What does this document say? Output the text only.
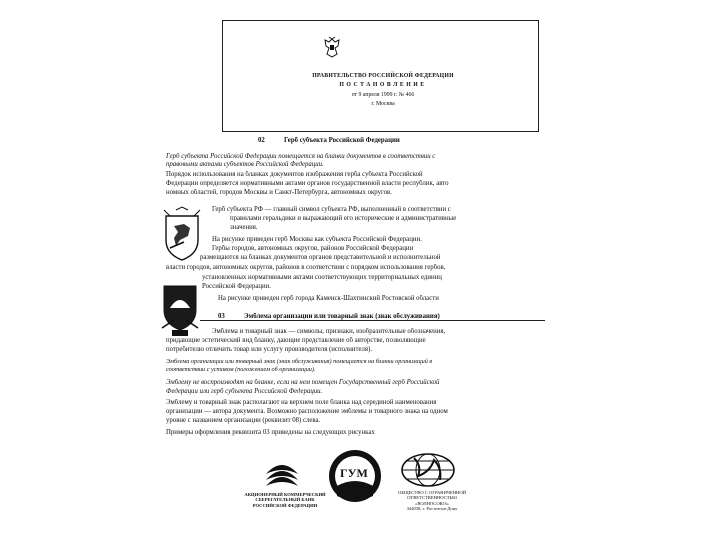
ПРАВИТЕЛЬСТВО РОССИЙСКОЙ ФЕДЕРАЦИИ
ПОСТАНОВЛЕНИЕ
от 9 апреля 1999 г. № 466
г. Москва
02	Герб субъекта Российской Федерации
Герб субъекта Российской Федерации помещается на бланки документов в соответствии с
правовыми актами субъектов Российской Федерации.
Порядок использования на бланках документов изображения герба субъекта Российской
Федерации определяется нормативными актами органов государственной власти республик, авто
номных областей, городов Москвы и Санкт-Петербурга, автономных округов.
Герб субъекта РФ — главный символ субъекта РФ, выполненный в соответствии с
правилами геральдики и выражающий его исторические и административные
значения.
На рисунке приведен герб Москвы как субъекта Российской Федерации.
Гербы городов, автономных округов, районов Российской Федерации
размещаются на бланках документов органов представительной и исполнительной
власти городов, автономных округов, районов в соответствии с порядком использования гербов,
установленных нормативными актами соответствующих территориальных единиц
Российской Федерации.
На рисунке приведен герб города Каменск-Шахтинский Ростовской области
03	Эмблема организации или товарный знак (знак обслуживания)
Эмблема и товарный знак — символы, признаки, изобразительные обозначения,
придающие эстетический вид бланку, дающие представление об авторстве, позволяющие
потребителю отличить товар или услугу производителя (исполнителя).
Эмблема организации или товарный знак (знак обслуживания) помещается на бланки организаций в
соответствии с уставом (положением об организации).
Эмблему не воспроизводят на бланке, если на нем помещен Государственный герб Российской
Федерации или герб субъекта Российской Федерации.
Эмблему и товарный знак располагают на верхнем поле бланка над серединой наименования
организации — автора документа. Возможно расположение эмблемы и товарного знака на одном
уровне с названием организации (реквизит 08) слева.
Примеры оформления реквизита 03 приведены на следующих рисунках
АКЦИОНЕРНЫЙ КОММЕРЧЕСКИЙ
СБЕРЕГАТЕЛЬНЫЙ БАНК
РОССИЙСКОЙ ФЕДЕРАЦИИ
ГУМ
ОБЩЕСТВО С ОГРАНИЧЕННОЙ
ОТВЕТСТВЕННОСТЬЮ
«ВОЛНОСОЮЗ»
344038, г. Ростов-на-Дону
